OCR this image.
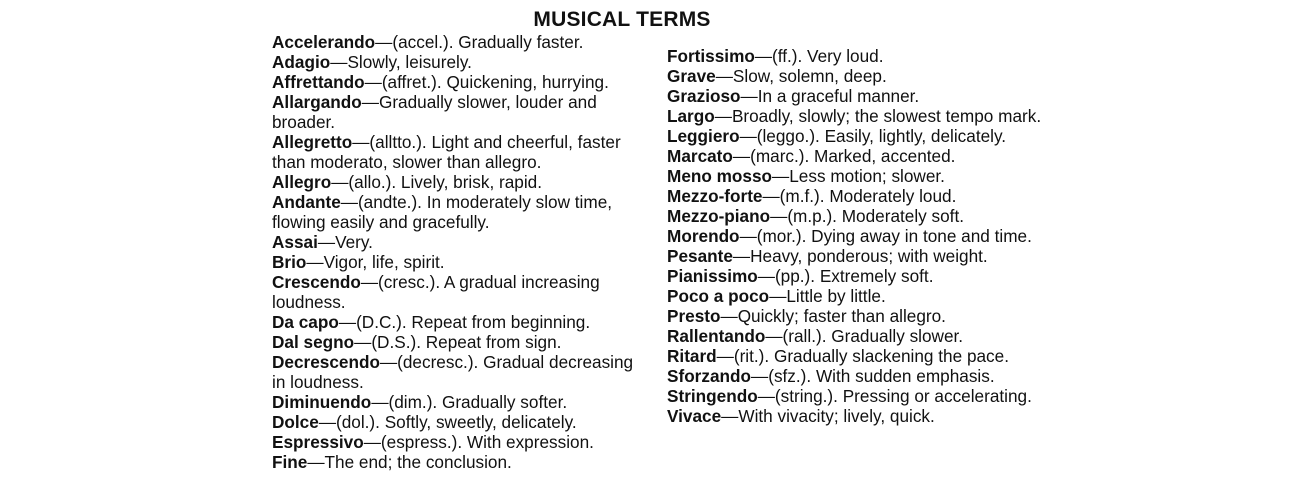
MUSICAL TERMS
Accelerando—(accel.). Gradually faster.
Adagio—Slowly, leisurely.
Affrettando—(affret.). Quickening, hurrying.
Allargando—Gradually slower, louder and broader.
Allegretto—(alltto.). Light and cheerful, faster than moderato, slower than allegro.
Allegro—(allo.). Lively, brisk, rapid.
Andante—(andte.). In moderately slow time, flowing easily and gracefully.
Assai—Very.
Brio—Vigor, life, spirit.
Crescendo—(cresc.). A gradual increasing loudness.
Da capo—(D.C.). Repeat from beginning.
Dal segno—(D.S.). Repeat from sign.
Decrescendo—(decresc.). Gradual decreasing in loudness.
Diminuendo—(dim.). Gradually softer.
Dolce—(dol.). Softly, sweetly, delicately.
Espressivo—(espress.). With expression.
Fine—The end; the conclusion.
Fortissimo—(ff.). Very loud.
Grave—Slow, solemn, deep.
Grazioso—In a graceful manner.
Largo—Broadly, slowly; the slowest tempo mark.
Leggiero—(leggo.). Easily, lightly, delicately.
Marcato—(marc.). Marked, accented.
Meno mosso—Less motion; slower.
Mezzo-forte—(m.f.). Moderately loud.
Mezzo-piano—(m.p.). Moderately soft.
Morendo—(mor.). Dying away in tone and time.
Pesante—Heavy, ponderous; with weight.
Pianissimo—(pp.). Extremely soft.
Poco a poco—Little by little.
Presto—Quickly; faster than allegro.
Rallentando—(rall.). Gradually slower.
Ritard—(rit.). Gradually slackening the pace.
Sforzando—(sfz.). With sudden emphasis.
Stringendo—(string.). Pressing or accelerating.
Vivace—With vivacity; lively, quick.
